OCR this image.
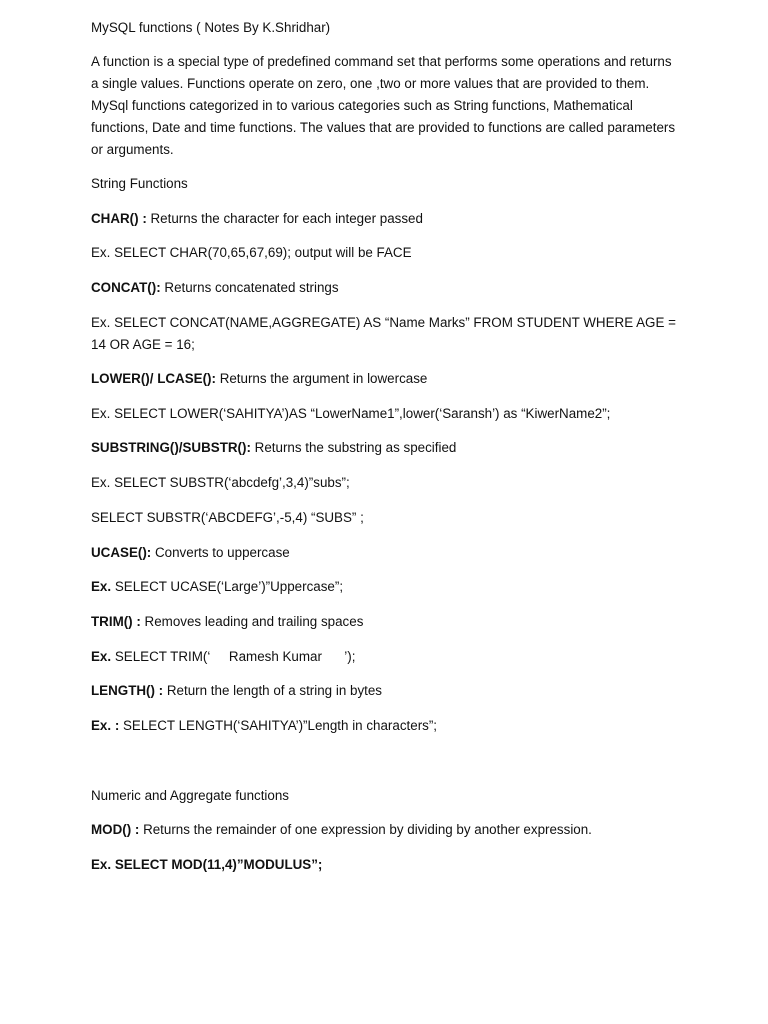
MySQL functions ( Notes By K.Shridhar)

A function is a special type of predefined command set that performs some operations and returns a single values. Functions operate on zero, one ,two or more values that are provided to them. MySql functions categorized in to various categories such as String functions, Mathematical functions, Date and time functions. The values that are provided to functions are called parameters or arguments.

String Functions

CHAR() : Returns the character for each integer passed

Ex. SELECT CHAR(70,65,67,69); output will be FACE

CONCAT(): Returns concatenated strings

Ex. SELECT CONCAT(NAME,AGGREGATE) AS “Name Marks” FROM STUDENT WHERE AGE = 14 OR AGE = 16;

LOWER()/ LCASE(): Returns the argument in lowercase

Ex. SELECT LOWER(‘SAHITYA’)AS “LowerName1”,lower(‘Saransh’) as “KiwerName2”;

SUBSTRING()/SUBSTR(): Returns the substring as specified

Ex. SELECT SUBSTR(‘abcdefg’,3,4)”subs”;

SELECT SUBSTR(‘ABCDEFG’,-5,4) “SUBS” ;

UCASE(): Converts to uppercase

Ex. SELECT UCASE(‘Large’)”Uppercase”;

TRIM() : Removes leading and trailing spaces

Ex. SELECT TRIM(‘     Ramesh Kumar      ’);

LENGTH() : Return the length of a string in bytes

Ex. : SELECT LENGTH(‘SAHITYA’)”Length in characters”;

Numeric and Aggregate functions

MOD() : Returns the remainder of one expression by dividing by another expression.

Ex. SELECT MOD(11,4)”MODULUS”;
